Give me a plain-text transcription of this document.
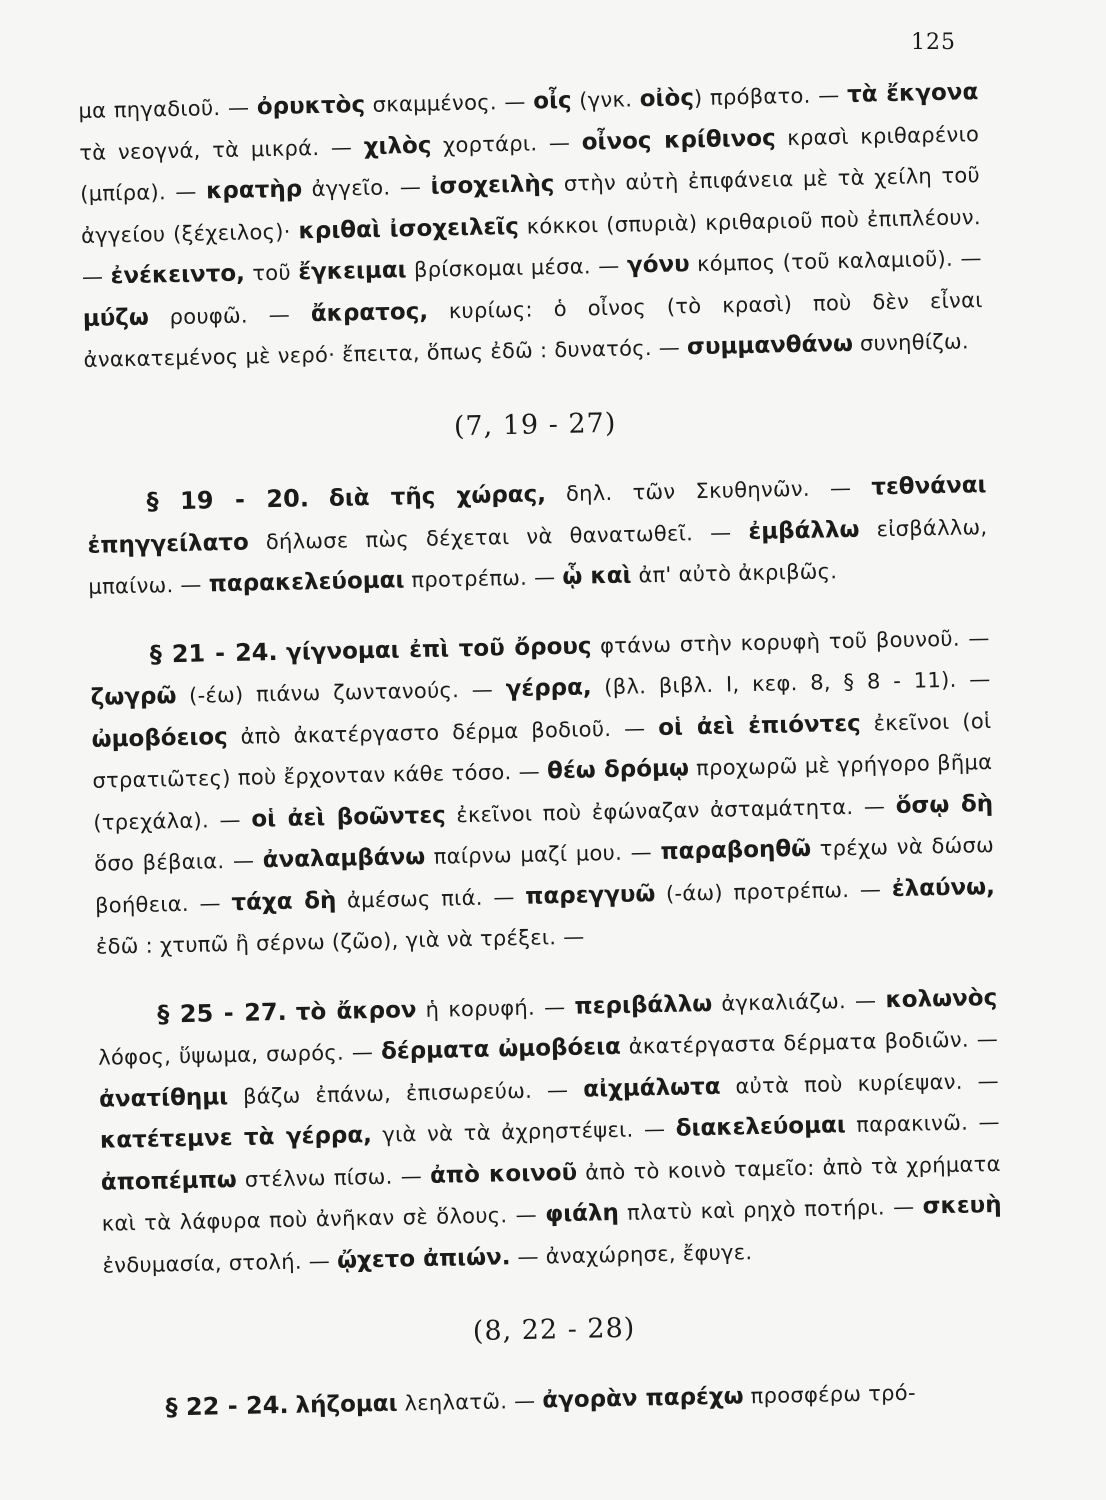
125

μα πηγαδιοῦ. — ὀρυκτὸς σκαμμένος. — οἶς (γνκ. οἰὸς) πρόβατο. — τὰ ἔκγονα τὰ νεογνά, τὰ μικρά. — χιλὸς χορτάρι. — οἶνος κρίθινος κρασὶ κριθαρένιο (μπίρα). — κρατὴρ ἀγγεῖο. — ἰσοχειλὴς στὴν αὐτὴ ἐπιφάνεια μὲ τὰ χείλη τοῦ ἀγγείου (ξέχειλος)· κριθαὶ ἰσοχειλεῖς κόκκοι (σπυριὰ) κριθαριοῦ ποὺ ἐπιπλέουν. — ἐνέκειντο, τοῦ ἔγκειμαι βρίσκομαι μέσα. — γόνυ κόμπος (τοῦ καλαμιοῦ). — μύζω ρουφῶ. — ἄκρατος, κυρίως: ὁ οἶνος (τὸ κρασὶ) ποὺ δὲν εἶναι ἀνακατεμένος μὲ νερό· ἔπειτα, ὅπως ἐδῶ : δυνατός. — συμμανθάνω συνηθίζω.

(7, 19 - 27)

§ 19 - 20. διὰ τῆς χώρας, δηλ. τῶν Σκυθηνῶν. — τεθνάναι ἐπηγγείλατο δήλωσε πὼς δέχεται νὰ θανατωθεῖ. — ἐμβάλλω εἰσβάλλω, μπαίνω. — παρακελεύομαι προτρέπω. — ᾧ καὶ ἀπ' αὐτὸ ἀκριβῶς.

§ 21 - 24. γίγνομαι ἐπὶ τοῦ ὄρους φτάνω στὴν κορυφὴ τοῦ βουνοῦ. — ζωγρῶ (-έω) πιάνω ζωντανούς. — γέρρα, (βλ. βιβλ. I, κεφ. 8, § 8 - 11). — ὠμοβόειος ἀπὸ ἀκατέργαστο δέρμα βοδιοῦ. — οἱ ἀεὶ ἐπιόντες ἐκεῖνοι (οἱ στρατιῶτες) ποὺ ἔρχονταν κάθε τόσο. — θέω δρόμῳ προχωρῶ μὲ γρήγορο βῆμα (τρεχάλα). — οἱ ἀεὶ βοῶντες ἐκεῖνοι ποὺ ἐφώναζαν ἀσταμάτητα. — ὅσῳ δὴ ὅσο βέβαια. — ἀναλαμβάνω παίρνω μαζί μου. — παραβοηθῶ τρέχω νὰ δώσω βοήθεια. — τάχα δὴ ἀμέσως πιά. — παρεγγυῶ (-άω) προτρέπω. — ἐλαύνω, ἐδῶ : χτυπῶ ἢ σέρνω (ζῶο), γιὰ νὰ τρέξει. —

§ 25 - 27. τὸ ἄκρον ἡ κορυφή. — περιβάλλω ἀγκαλιάζω. — κολωνὸς λόφος, ὕψωμα, σωρός. — δέρματα ὠμοβόεια ἀκατέργαστα δέρματα βοδιῶν. — ἀνατίθημι βάζω ἐπάνω, ἐπισωρεύω. — αἰχμάλωτα αὐτὰ ποὺ κυρίεψαν. — κατέτεμνε τὰ γέρρα, γιὰ νὰ τὰ ἀχρηστέψει. — διακελεύομαι παρακινῶ. — ἀποπέμπω στέλνω πίσω. — ἀπὸ κοινοῦ ἀπὸ τὸ κοινὸ ταμεῖο: ἀπὸ τὰ χρήματα καὶ τὰ λάφυρα ποὺ ἀνῆκαν σὲ ὅλους. — φιάλη πλατὺ καὶ ρηχὸ ποτήρι. — σκευὴ ἐνδυμασία, στολή. — ᾤχετο ἀπιών. — ἀναχώρησε, ἔφυγε.

(8, 22 - 28)

§ 22 - 24. λήζομαι λεηλατῶ. — ἀγορὰν παρέχω προσφέρω τρό-
